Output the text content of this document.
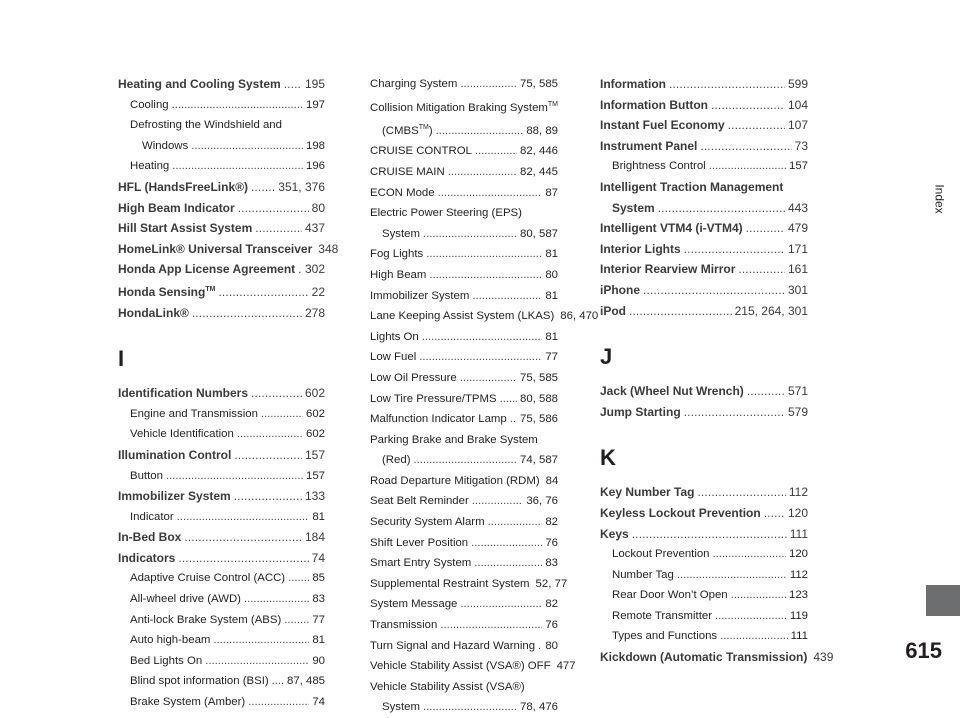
Heating and Cooling System . . . 195
Cooling . . .	197
Defrosting the Windshield and
Windows . . .	198
Heating . . .	196
HFL (HandsFreeLink®) . . .	351, 376
High Beam Indicator . . .	80
Hill Start Assist System . . .	437
HomeLink® Universal Transceiver 348
Honda App License Agreement . . . 302
Honda Sensing™ . . .	22
HondaLink® . . .	278
I
Identification Numbers . . .	602
Engine and Transmission . . .	602
Vehicle Identification . . .	602
Illumination Control . . .	157
Button . . .	157
Immobilizer System . . .	133
Indicator . . .	81
In-Bed Box . . .	184
Indicators . . .	74
Adaptive Cruise Control (ACC) . . . 85
All-wheel drive (AWD) . . .	83
Anti-lock Brake System (ABS) . . .	77
Auto high-beam . . .	81
Bed Lights On . . .	90
Blind spot information (BSI) . . . 87, 485
Brake System (Amber) . . .	74
Charging System . . .	75, 585
Collision Mitigation Braking System™
(CMBS™) . . .	88, 89
CRUISE CONTROL . . .	82, 446
CRUISE MAIN . . .	82, 445
ECON Mode . . .	87
Electric Power Steering (EPS)
System . . .	80, 587
Fog Lights . . .	81
High Beam . . .	80
Immobilizer System . . .	81
Lane Keeping Assist System (LKAS) 86, 470
Lights On . . .	81
Low Fuel . . .	77
Low Oil Pressure . . .	75, 585
Low Tire Pressure/TPMS . . . 80, 588
Malfunction Indicator Lamp . . . 75, 586
Parking Brake and Brake System
(Red) . . .	74, 587
Road Departure Mitigation (RDM) 84
Seat Belt Reminder . . .	36, 76
Security System Alarm . . .	82
Shift Lever Position . . .	76
Smart Entry System . . .	83
Supplemental Restraint System 52, 77
System Message . . .	82
Transmission . . .	76
Turn Signal and Hazard Warning . . . 80
Vehicle Stability Assist (VSA®) OFF 477
Vehicle Stability Assist (VSA®)
System . . .	78, 476
Information . . .	599
Information Button . . .	104
Instant Fuel Economy . . .	107
Instrument Panel . . .	73
Brightness Control . . .	157
Intelligent Traction Management
System . . .	443
Intelligent VTM4 (i-VTM4) . . .	479
Interior Lights . . .	171
Interior Rearview Mirror . . .	161
iPhone . . .	301
iPod . . .	215, 264, 301
J
Jack (Wheel Nut Wrench) . . .	571
Jump Starting . . .	579
K
Key Number Tag . . .	112
Keyless Lockout Prevention . . . 120
Keys . . .	111
Lockout Prevention . . .	120
Number Tag . . .	112
Rear Door Won’t Open . . .	123
Remote Transmitter . . .	119
Types and Functions . . .	111
Kickdown (Automatic Transmission) 439
Index
615
